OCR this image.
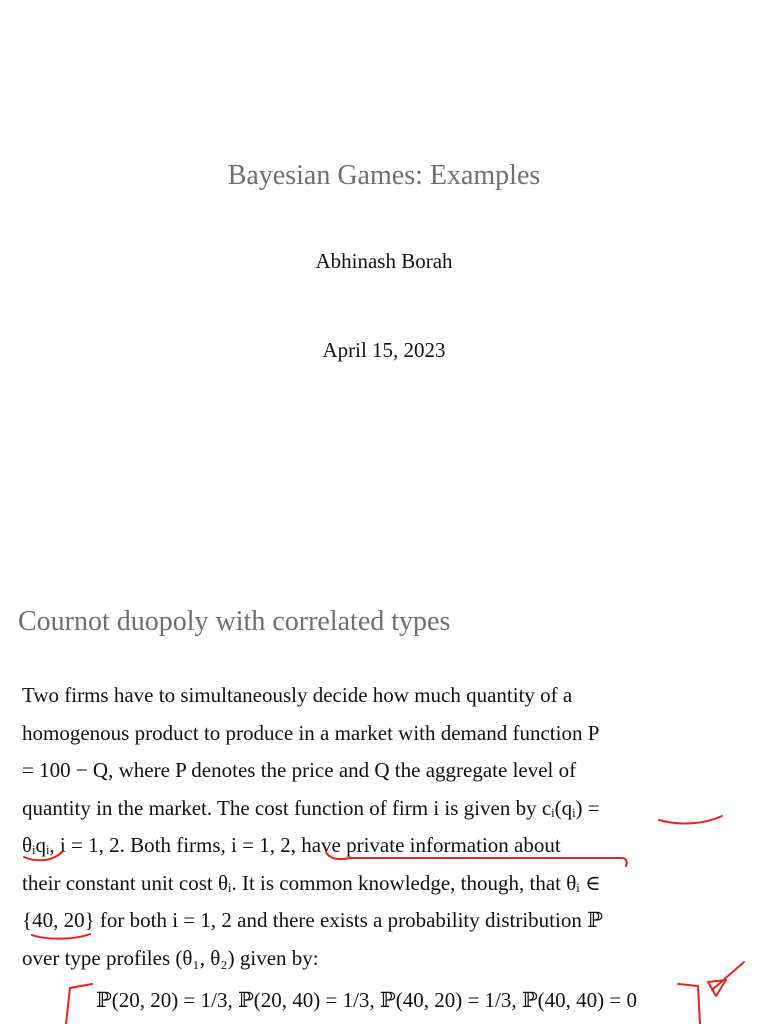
Bayesian Games: Examples
Abhinash Borah
April 15, 2023
Cournot duopoly with correlated types
Two firms have to simultaneously decide how much quantity of a
homogenous product to produce in a market with demand function P
= 100 − Q, where P denotes the price and Q the aggregate level of
quantity in the market. The cost function of firm i is given by cᵢ(qᵢ) =
θᵢqᵢ, i = 1, 2. Both firms, i = 1, 2, have private information about
their constant unit cost θᵢ. It is common knowledge, though, that θᵢ ∈
{40, 20} for both i = 1, 2 and there exists a probability distribution ℙ
over type profiles (θ₁, θ₂) given by:
ℙ(20, 20) = 1/3, ℙ(20, 40) = 1/3, ℙ(40, 20) = 1/3, ℙ(40, 40) = 0
